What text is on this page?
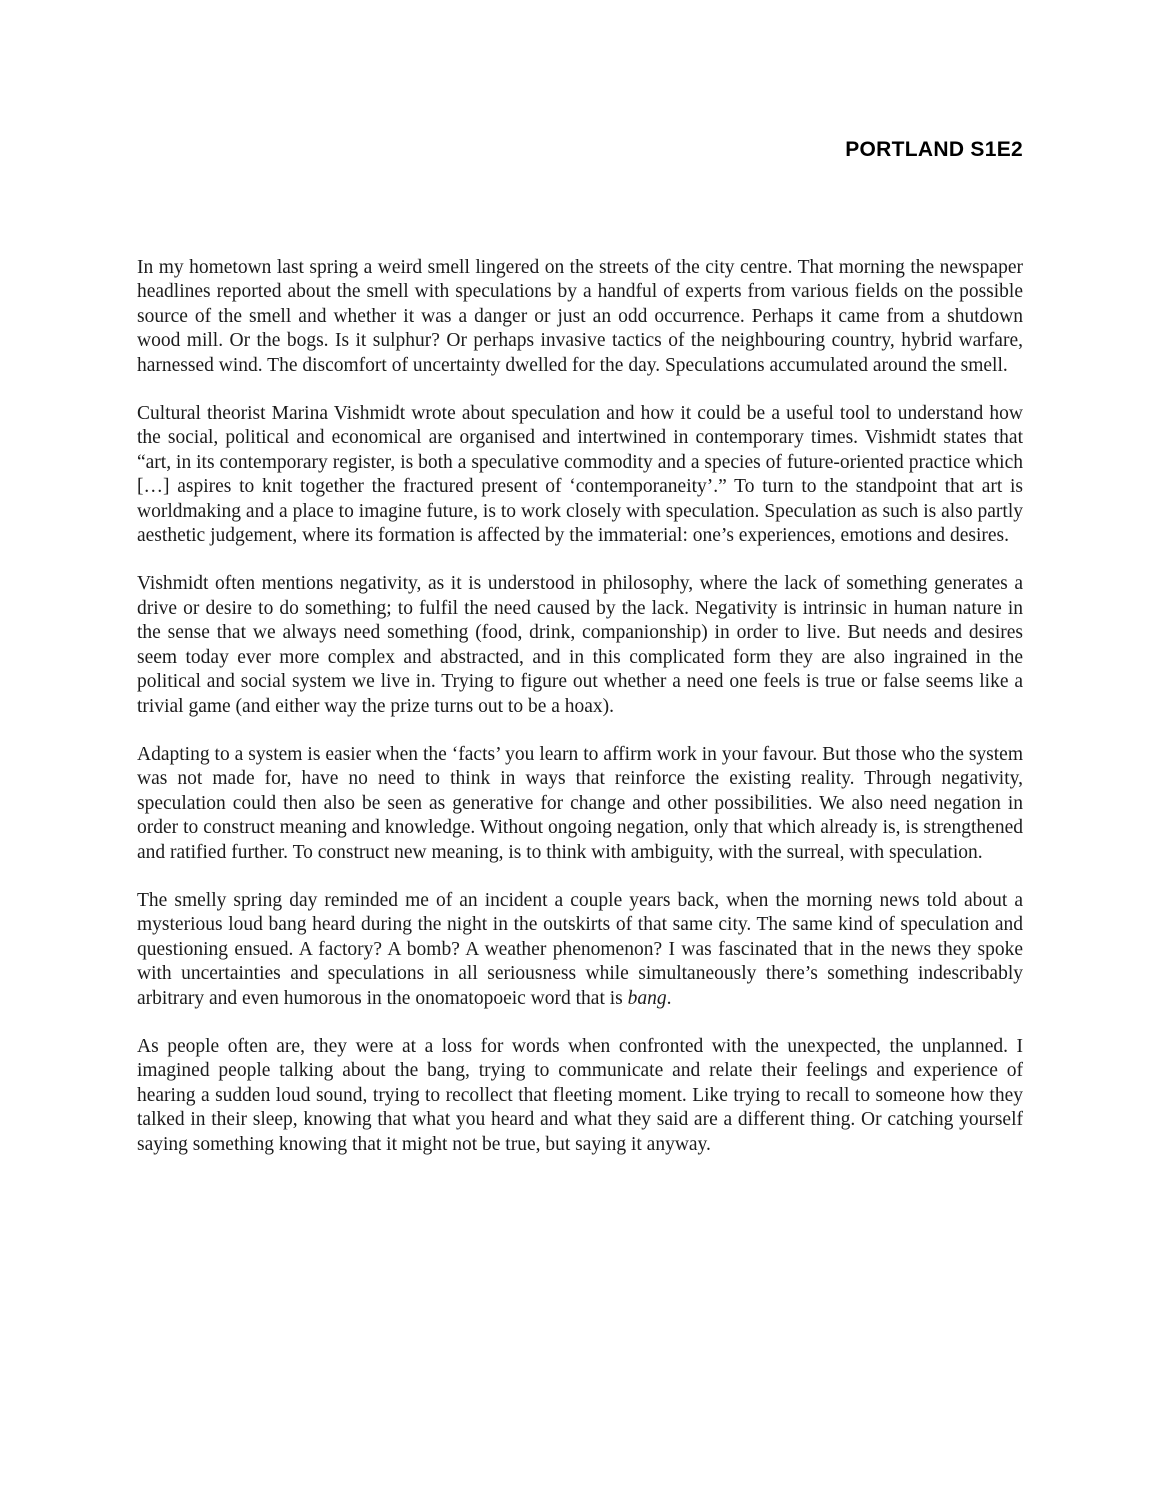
PORTLAND S1E2

In my hometown last spring a weird smell lingered on the streets of the city centre. That morning the newspaper headlines reported about the smell with speculations by a handful of experts from various fields on the possible source of the smell and whether it was a danger or just an odd occurrence. Perhaps it came from a shutdown wood mill. Or the bogs. Is it sulphur? Or perhaps invasive tactics of the neighbouring country, hybrid warfare, harnessed wind. The discomfort of uncertainty dwelled for the day. Speculations accumulated around the smell.

Cultural theorist Marina Vishmidt wrote about speculation and how it could be a useful tool to understand how the social, political and economical are organised and intertwined in contemporary times. Vishmidt states that “art, in its contemporary register, is both a speculative commodity and a species of future-oriented practice which […] aspires to knit together the fractured present of ‘contemporaneity’.” To turn to the standpoint that art is worldmaking and a place to imagine future, is to work closely with speculation. Speculation as such is also partly aesthetic judgement, where its formation is affected by the immaterial: one’s experiences, emotions and desires.

Vishmidt often mentions negativity, as it is understood in philosophy, where the lack of something generates a drive or desire to do something; to fulfil the need caused by the lack. Negativity is intrinsic in human nature in the sense that we always need something (food, drink, companionship) in order to live. But needs and desires seem today ever more complex and abstracted, and in this complicated form they are also ingrained in the political and social system we live in. Trying to figure out whether a need one feels is true or false seems like a trivial game (and either way the prize turns out to be a hoax).

Adapting to a system is easier when the ‘facts’ you learn to affirm work in your favour. But those who the system was not made for, have no need to think in ways that reinforce the existing reality. Through negativity, speculation could then also be seen as generative for change and other possibilities. We also need negation in order to construct meaning and knowledge. Without ongoing negation, only that which already is, is strengthened and ratified further. To construct new meaning, is to think with ambiguity, with the surreal, with speculation.

The smelly spring day reminded me of an incident a couple years back, when the morning news told about a mysterious loud bang heard during the night in the outskirts of that same city. The same kind of speculation and questioning ensued. A factory? A bomb? A weather phenomenon? I was fascinated that in the news they spoke with uncertainties and speculations in all seriousness while simultaneously there’s something indescribably arbitrary and even humorous in the onomatopoeic word that is bang.

As people often are, they were at a loss for words when confronted with the unexpected, the unplanned. I imagined people talking about the bang, trying to communicate and relate their feelings and experience of hearing a sudden loud sound, trying to recollect that fleeting moment. Like trying to recall to someone how they talked in their sleep, knowing that what you heard and what they said are a different thing. Or catching yourself saying something knowing that it might not be true, but saying it anyway.
